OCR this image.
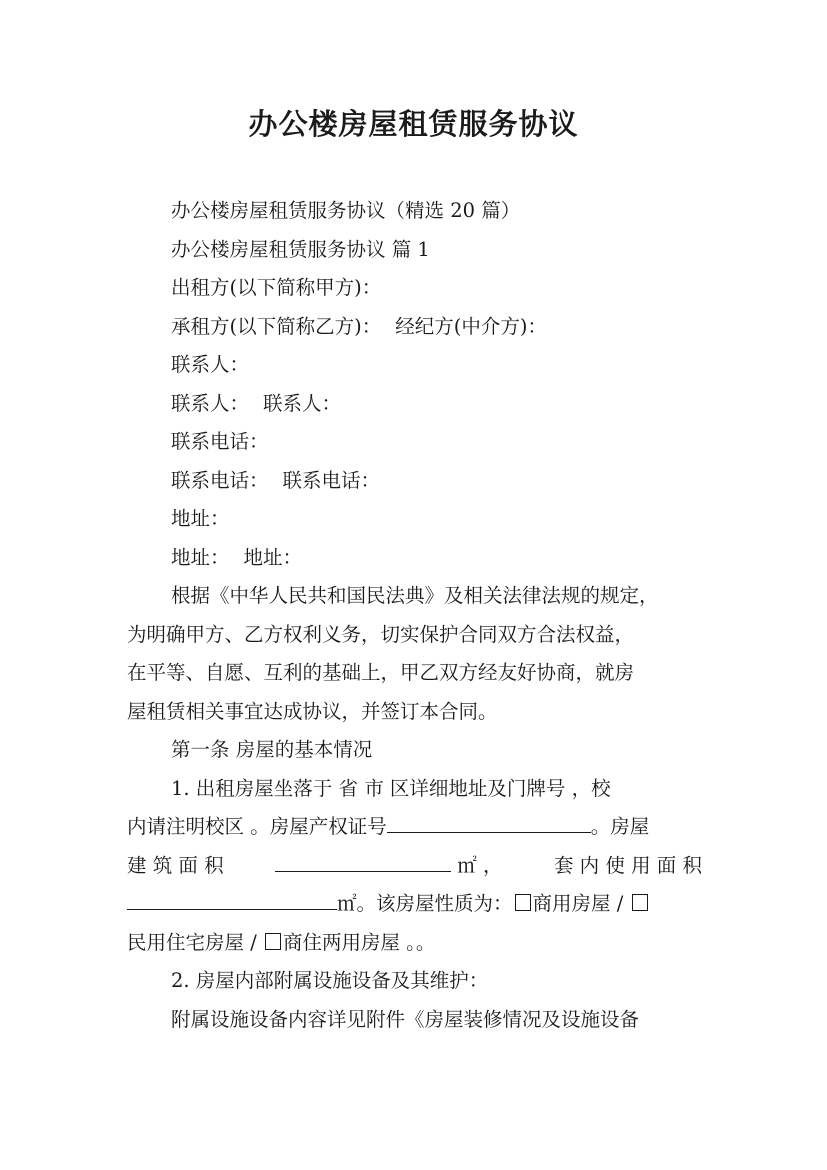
办公楼房屋租赁服务协议
办公楼房屋租赁服务协议（精选 20 篇）
办公楼房屋租赁服务协议 篇 1
出租方(以下简称甲方)：
承租方(以下简称乙方)： 经纪方(中介方)：
联系人：
联系人： 联系人：
联系电话：
联系电话： 联系电话：
地址：
地址： 地址：
根据《中华人民共和国民法典》及相关法律法规的规定，
为明确甲方、乙方权利义务，切实保护合同双方合法权益，
在平等、自愿、互利的基础上，甲乙双方经友好协商，就房
屋租赁相关事宜达成协议，并签订本合同。
第一条 房屋的基本情况
1. 出租房屋坐落于 省 市 区详细地址及门牌号 ，校
内请注明校区 。房屋产权证号	。房屋
建 筑 面 积	㎡ ，	套 内 使 用 面 积
㎡。该房屋性质为： 商用房屋 /
民用住宅房屋 / 商住两用房屋 。。
2. 房屋内部附属设施设备及其维护：
附属设施设备内容详见附件《房屋装修情况及设施设备
